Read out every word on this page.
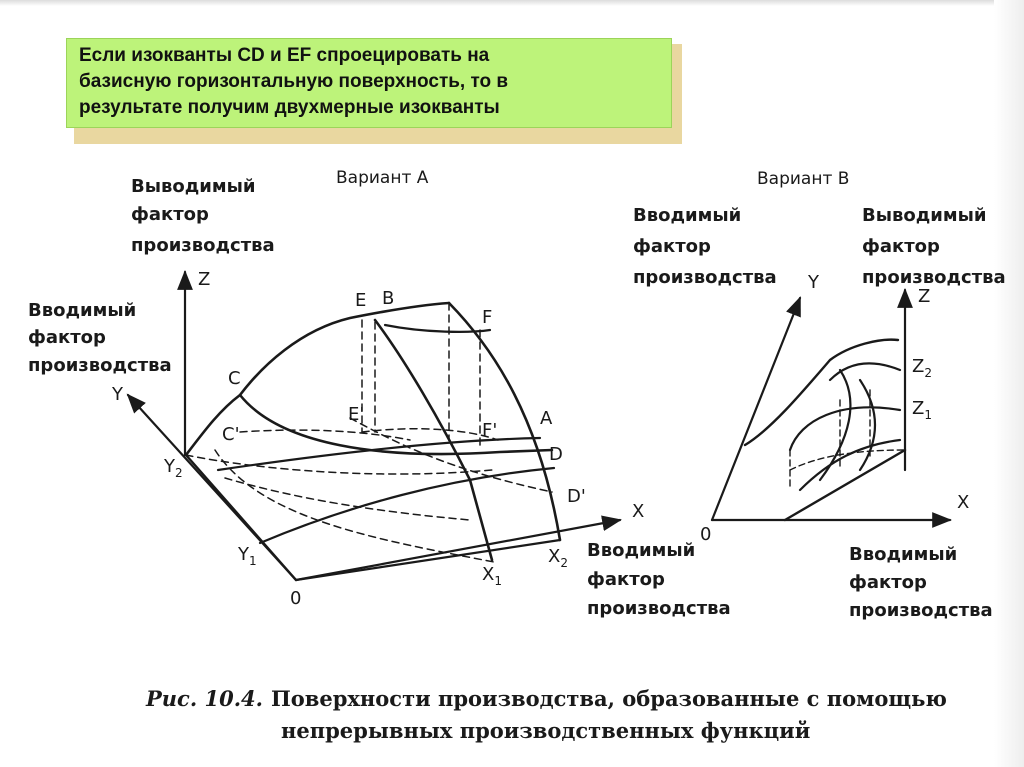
Если изокванты CD и EF спроецировать на
базисную горизонтальную поверхность, то в
результате получим двухмерные изокванты

Вариант A
Выводимый
фактор
производства
Вводимый
фактор
производства
Вводимый
фактор
производства
Z
Y
X
E B
F
C
C'
E'
F'
A
D
D'
0
$Y_2$
$Y_1$
$X_1$
$X_2$
Вариант B
Вводимый
фактор
производства
Выводимый
фактор
производства
Вводимый
фактор
производства
Y
Z
X
0
$Z_2$
$Z_1$
Рис. 10.4. Поверхности производства, образованные с помощью
непрерывных производственных функций
